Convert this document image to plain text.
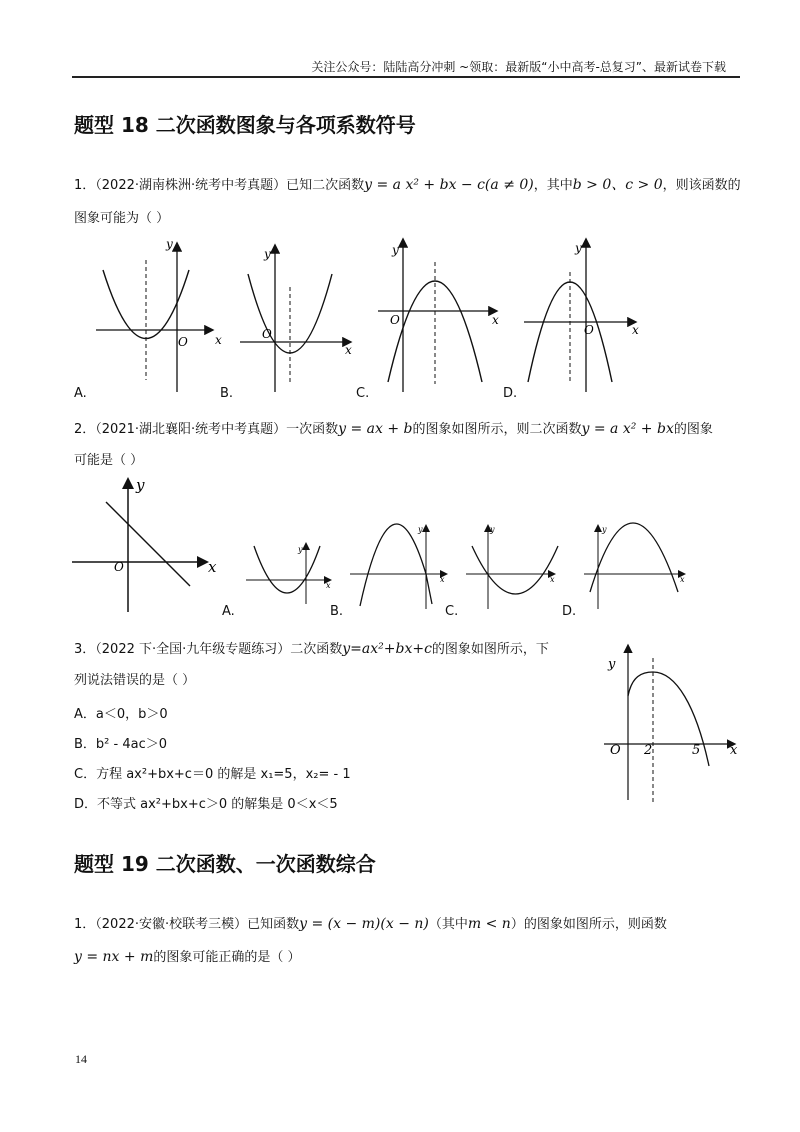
关注公众号：陆陆高分冲刺 ~领取：最新版“小中高考-总复习”、最新试卷下载
题型 18 二次函数图象与各项系数符号
1．（2022·湖南株洲·统考中考真题）已知二次函数y = a x² + bx − c(a ≠ 0)，其中b > 0、c > 0，则该函数的
图象可能为（ ）
x
y
O
x
y
O
x
y
O
x
y
O
A.	B.	C.	D.
2．（2021·湖北襄阳·统考中考真题）一次函数y = ax + b的图象如图所示，则二次函数y = a x² + bx的图象
可能是（ ）
x
y
O
x
y
x
y
x
y
x
y
A.	B.	C.	D.
3．（2022 下·全国·九年级专题练习）二次函数y=ax²+bx+c的图象如图所示，下
列说法错误的是（ ）
A．a＜0，b＞0
B．b² - 4ac＞0
C．方程 ax²+bx+c＝0 的解是 x₁=5，x₂= - 1
D．不等式 ax²+bx+c＞0 的解集是 0＜x＜5
x
y
O 2	5
题型 19 二次函数、一次函数综合
1．（2022·安徽·校联考三模）已知函数y = (x − m)(x − n)（其中m < n）的图象如图所示，则函数
y = nx + m的图象可能正确的是（ ）
14
